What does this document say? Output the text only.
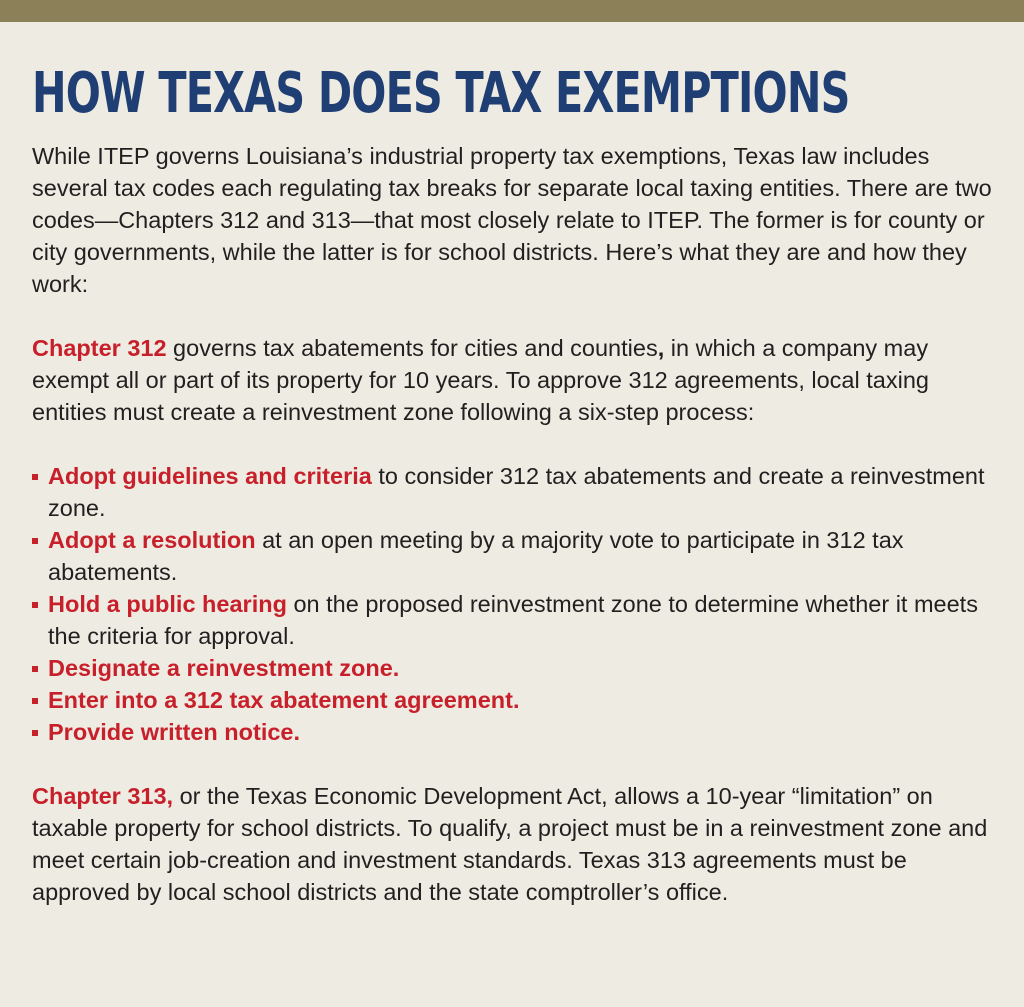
HOW TEXAS DOES TAX EXEMPTIONS

While ITEP governs Louisiana’s industrial property tax exemptions, Texas law includes several tax codes each regulating tax breaks for separate local taxing entities. There are two codes—Chapters 312 and 313—that most closely relate to ITEP. The former is for county or city governments, while the latter is for school districts. Here’s what they are and how they work:

Chapter 312 governs tax abatements for cities and counties, in which a company may exempt all or part of its property for 10 years. To approve 312 agreements, local taxing entities must create a reinvestment zone following a six-step process:

Adopt guidelines and criteria to consider 312 tax abatements and create a reinvestment zone.
Adopt a resolution at an open meeting by a majority vote to participate in 312 tax abatements.
Hold a public hearing on the proposed reinvestment zone to determine whether it meets the criteria for approval.
Designate a reinvestment zone.
Enter into a 312 tax abatement agreement.
Provide written notice.

Chapter 313, or the Texas Economic Development Act, allows a 10-year “limitation” on taxable property for school districts. To qualify, a project must be in a reinvestment zone and meet certain job-creation and investment standards. Texas 313 agreements must be approved by local school districts and the state comptroller’s office.
